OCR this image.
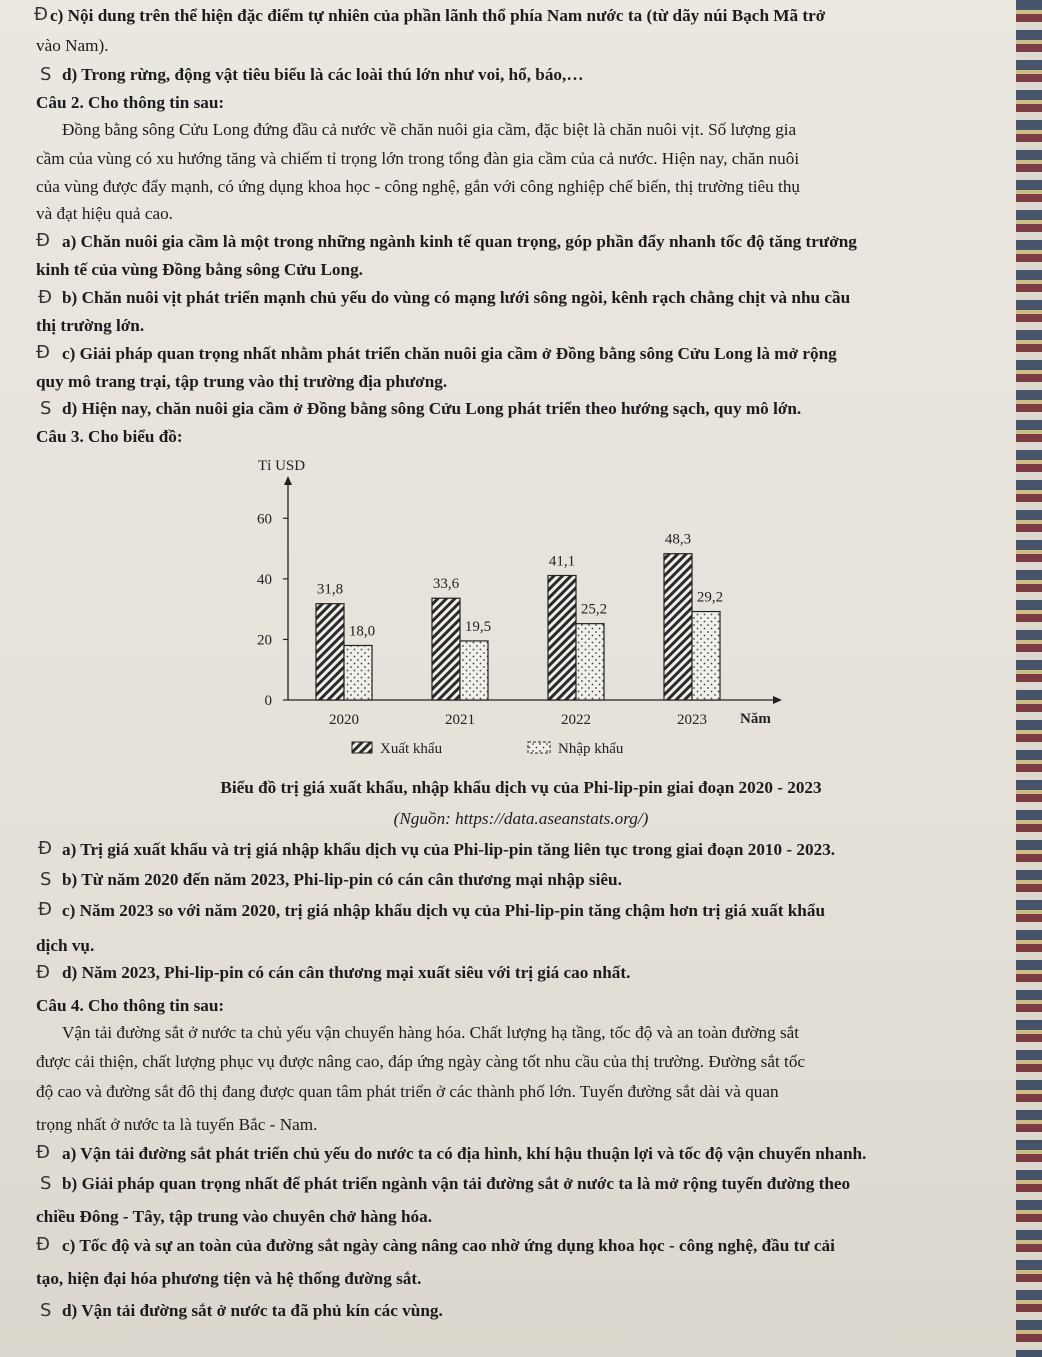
Đ c) Nội dung trên thể hiện đặc điểm tự nhiên của phần lãnh thổ phía Nam nước ta (từ dãy núi Bạch Mã trở
vào Nam).
S d) Trong rừng, động vật tiêu biểu là các loài thú lớn như voi, hổ, báo,…
Câu 2. Cho thông tin sau:
Đồng bằng sông Cửu Long đứng đầu cả nước về chăn nuôi gia cầm, đặc biệt là chăn nuôi vịt. Số lượng gia
cầm của vùng có xu hướng tăng và chiếm tỉ trọng lớn trong tổng đàn gia cầm của cả nước. Hiện nay, chăn nuôi
của vùng được đẩy mạnh, có ứng dụng khoa học - công nghệ, gắn với công nghiệp chế biến, thị trường tiêu thụ
và đạt hiệu quả cao.
Đ a) Chăn nuôi gia cầm là một trong những ngành kinh tế quan trọng, góp phần đẩy nhanh tốc độ tăng trưởng
kinh tế của vùng Đồng bằng sông Cửu Long.
Đ b) Chăn nuôi vịt phát triển mạnh chủ yếu do vùng có mạng lưới sông ngòi, kênh rạch chằng chịt và nhu cầu
thị trường lớn.
Đ c) Giải pháp quan trọng nhất nhằm phát triển chăn nuôi gia cầm ở Đồng bằng sông Cửu Long là mở rộng
quy mô trang trại, tập trung vào thị trường địa phương.
S d) Hiện nay, chăn nuôi gia cầm ở Đồng bằng sông Cửu Long phát triển theo hướng sạch, quy mô lớn.
Câu 3. Cho biểu đồ:
Tỉ USD
Năm
0
20
40
60
31,8
18,0
2020
33,6
19,5
2021
41,1
25,2
2022
48,3
29,2
2023
Xuất khẩu	Nhập khẩu
Biểu đồ trị giá xuất khẩu, nhập khẩu dịch vụ của Phi-lip-pin giai đoạn 2020 - 2023
(Nguồn: https://data.aseanstats.org/)
Đ a) Trị giá xuất khẩu và trị giá nhập khẩu dịch vụ của Phi-lip-pin tăng liên tục trong giai đoạn 2010 - 2023.
S b) Từ năm 2020 đến năm 2023, Phi-lip-pin có cán cân thương mại nhập siêu.
Đ c) Năm 2023 so với năm 2020, trị giá nhập khẩu dịch vụ của Phi-lip-pin tăng chậm hơn trị giá xuất khẩu
dịch vụ.
Đ d) Năm 2023, Phi-lip-pin có cán cân thương mại xuất siêu với trị giá cao nhất.
Câu 4. Cho thông tin sau:
Vận tải đường sắt ở nước ta chủ yếu vận chuyển hàng hóa. Chất lượng hạ tầng, tốc độ và an toàn đường sắt
được cải thiện, chất lượng phục vụ được nâng cao, đáp ứng ngày càng tốt nhu cầu của thị trường. Đường sắt tốc
độ cao và đường sắt đô thị đang được quan tâm phát triển ở các thành phố lớn. Tuyến đường sắt dài và quan
trọng nhất ở nước ta là tuyến Bắc - Nam.
Đ a) Vận tải đường sắt phát triển chủ yếu do nước ta có địa hình, khí hậu thuận lợi và tốc độ vận chuyển nhanh.
S b) Giải pháp quan trọng nhất để phát triển ngành vận tải đường sắt ở nước ta là mở rộng tuyến đường theo
chiều Đông - Tây, tập trung vào chuyên chở hàng hóa.
Đ c) Tốc độ và sự an toàn của đường sắt ngày càng nâng cao nhờ ứng dụng khoa học - công nghệ, đầu tư cải
tạo, hiện đại hóa phương tiện và hệ thống đường sắt.
S d) Vận tải đường sắt ở nước ta đã phủ kín các vùng.
